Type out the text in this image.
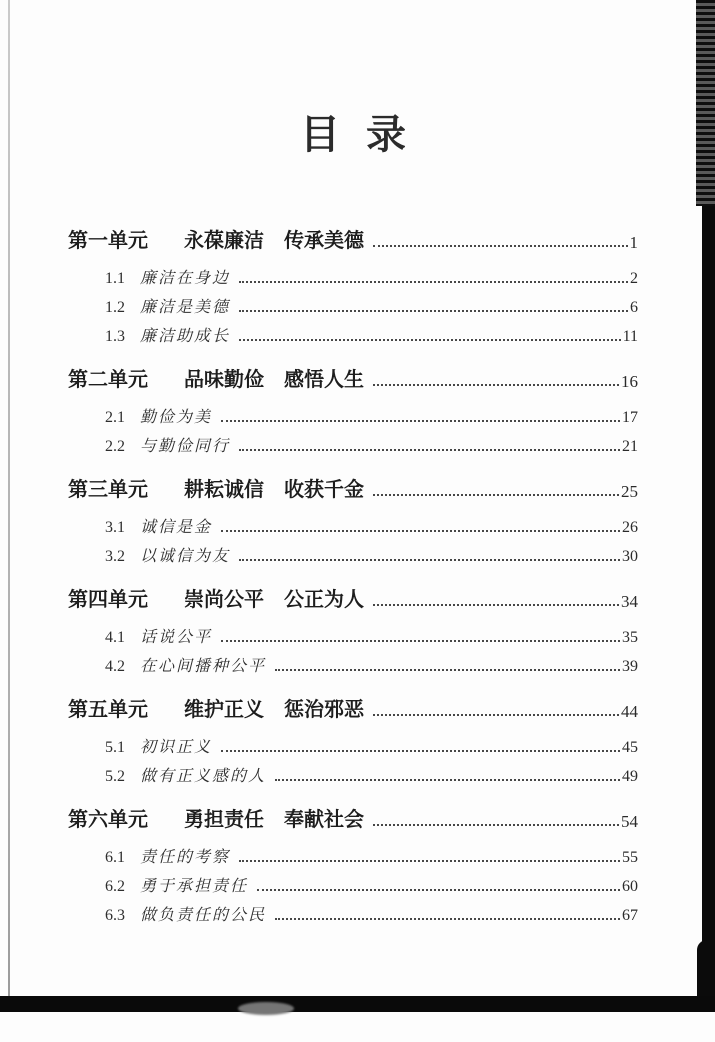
目录
第一单元 永葆廉洁　传承美德	1
1.1 廉洁在身边	2
1.2 廉洁是美德	6
1.3 廉洁助成长	11
第二单元 品味勤俭　感悟人生	16
2.1 勤俭为美	17
2.2 与勤俭同行	21
第三单元 耕耘诚信　收获千金	25
3.1 诚信是金	26
3.2 以诚信为友	30
第四单元 崇尚公平　公正为人	34
4.1 话说公平	35
4.2 在心间播种公平	39
第五单元 维护正义　惩治邪恶	44
5.1 初识正义	45
5.2 做有正义感的人	49
第六单元 勇担责任　奉献社会	54
6.1 责任的考察	55
6.2 勇于承担责任	60
6.3 做负责任的公民	67
